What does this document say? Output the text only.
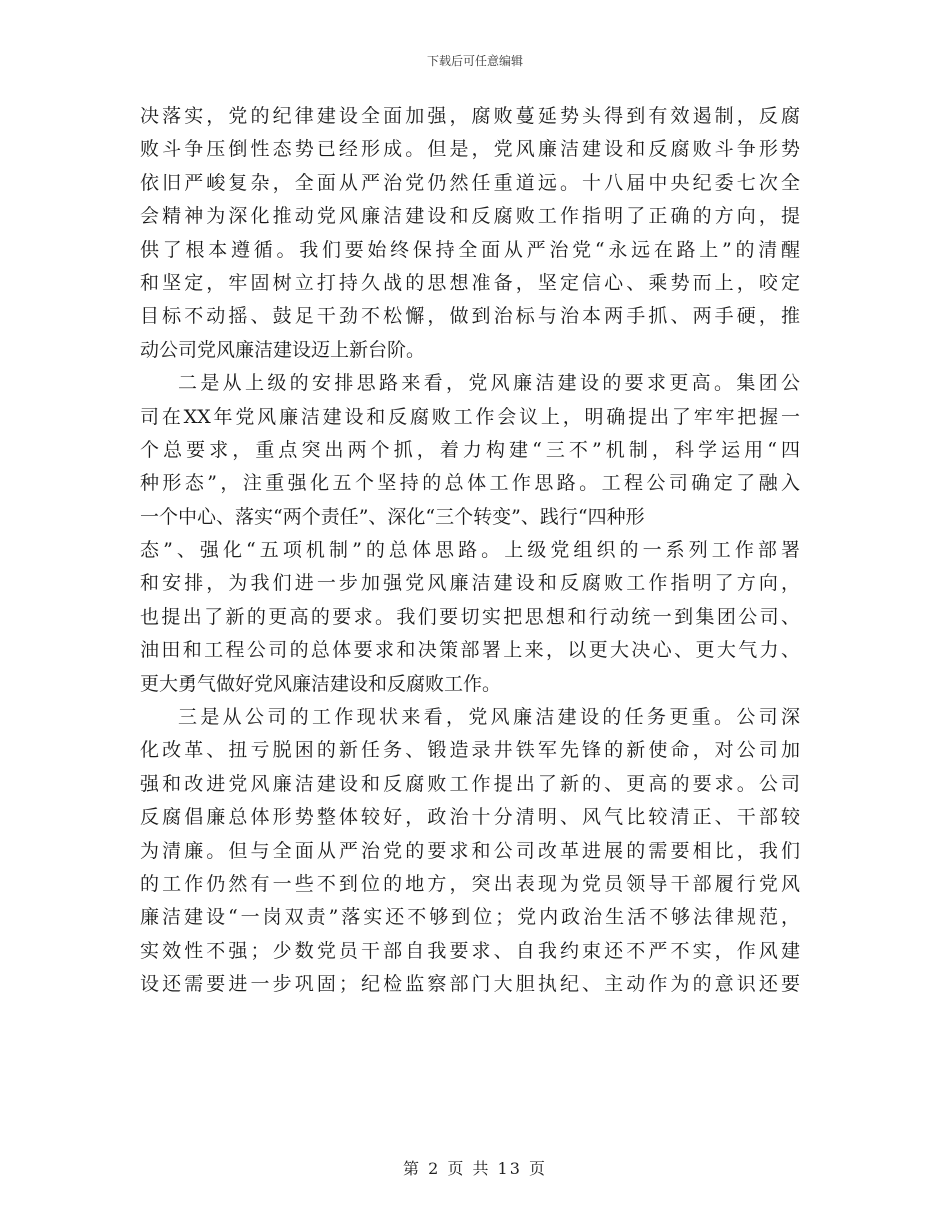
下载后可任意编辑
决落实，党的纪律建设全面加强，腐败蔓延势头得到有效遏制，反腐
败斗争压倒性态势已经形成。但是，党风廉洁建设和反腐败斗争形势
依旧严峻复杂，全面从严治党仍然任重道远。十八届中央纪委七次全
会精神为深化推动党风廉洁建设和反腐败工作指明了正确的方向，提
供了根本遵循。我们要始终保持全面从严治党“永远在路上”的清醒
和坚定，牢固树立打持久战的思想准备，坚定信心、乘势而上，咬定
目标不动摇、鼓足干劲不松懈，做到治标与治本两手抓、两手硬，推
动公司党风廉洁建设迈上新台阶。
二是从上级的安排思路来看，党风廉洁建设的要求更高。集团公
司在XX年党风廉洁建设和反腐败工作会议上，明确提出了牢牢把握一
个总要求，重点突出两个抓，着力构建“三不”机制，科学运用“四
种形态”，注重强化五个坚持的总体工作思路。工程公司确定了融入
一个中心、落实“两个责任”、深化“三个转变”、践行“四种形
态”、强化“五项机制”的总体思路。上级党组织的一系列工作部署
和安排，为我们进一步加强党风廉洁建设和反腐败工作指明了方向，
也提出了新的更高的要求。我们要切实把思想和行动统一到集团公司、
油田和工程公司的总体要求和决策部署上来，以更大决心、更大气力、
更大勇气做好党风廉洁建设和反腐败工作。
三是从公司的工作现状来看，党风廉洁建设的任务更重。公司深
化改革、扭亏脱困的新任务、锻造录井铁军先锋的新使命，对公司加
强和改进党风廉洁建设和反腐败工作提出了新的、更高的要求。公司
反腐倡廉总体形势整体较好，政治十分清明、风气比较清正、干部较
为清廉。但与全面从严治党的要求和公司改革进展的需要相比，我们
的工作仍然有一些不到位的地方，突出表现为党员领导干部履行党风
廉洁建设“一岗双责”落实还不够到位；党内政治生活不够法律规范，
实效性不强；少数党员干部自我要求、自我约束还不严不实，作风建
设还需要进一步巩固；纪检监察部门大胆执纪、主动作为的意识还要
第 2 页 共 13 页
